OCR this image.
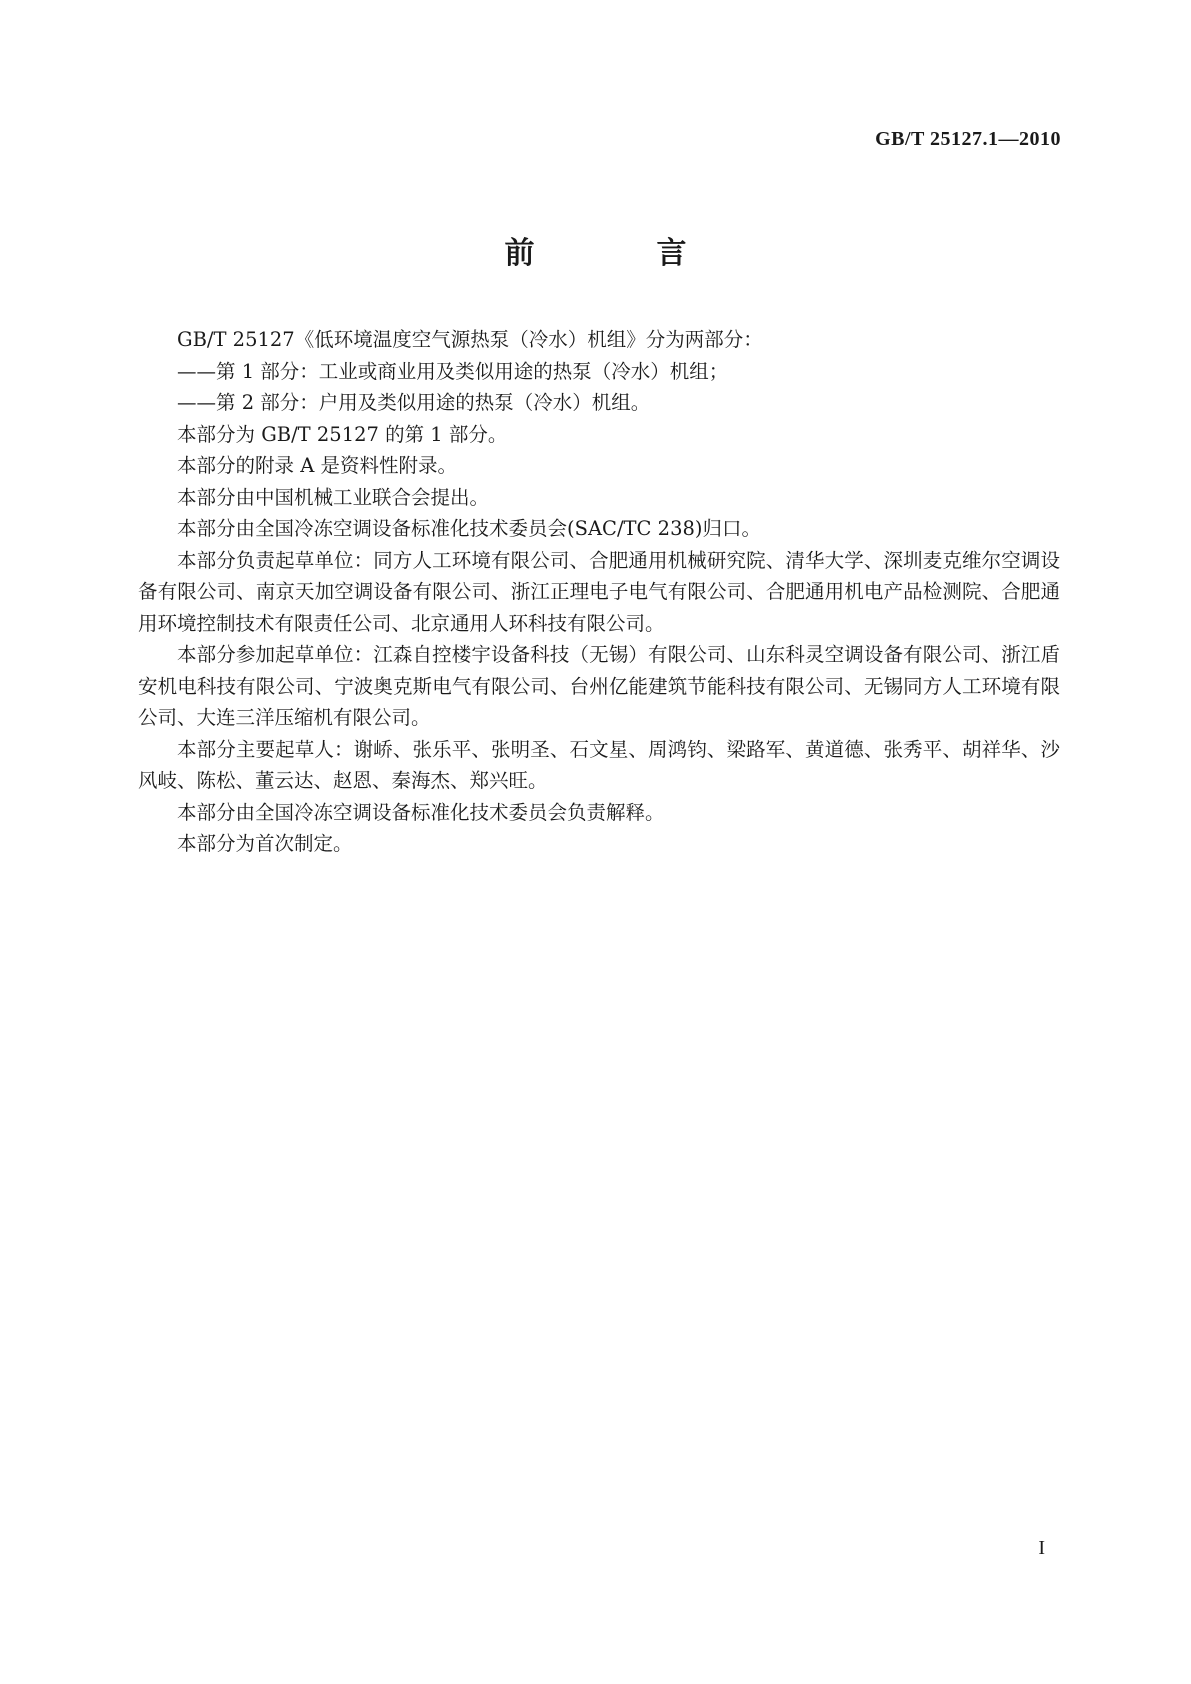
GB/T 25127.1—2010
前　言

GB/T 25127《低环境温度空气源热泵（冷水）机组》分为两部分：

——第 1 部分：工业或商业用及类似用途的热泵（冷水）机组；

——第 2 部分：户用及类似用途的热泵（冷水）机组。

本部分为 GB/T 25127 的第 1 部分。

本部分的附录 A 是资料性附录。

本部分由中国机械工业联合会提出。

本部分由全国冷冻空调设备标准化技术委员会(SAC/TC 238)归口。

本部分负责起草单位：同方人工环境有限公司、合肥通用机械研究院、清华大学、深圳麦克维尔空调设备有限公司、南京天加空调设备有限公司、浙江正理电子电气有限公司、合肥通用机电产品检测院、合肥通用环境控制技术有限责任公司、北京通用人环科技有限公司。

本部分参加起草单位：江森自控楼宇设备科技（无锡）有限公司、山东科灵空调设备有限公司、浙江盾安机电科技有限公司、宁波奥克斯电气有限公司、台州亿能建筑节能科技有限公司、无锡同方人工环境有限公司、大连三洋压缩机有限公司。

本部分主要起草人：谢峤、张乐平、张明圣、石文星、周鸿钧、梁路军、黄道德、张秀平、胡祥华、沙风岐、陈松、董云达、赵恩、秦海杰、郑兴旺。

本部分由全国冷冻空调设备标准化技术委员会负责解释。

本部分为首次制定。

I
